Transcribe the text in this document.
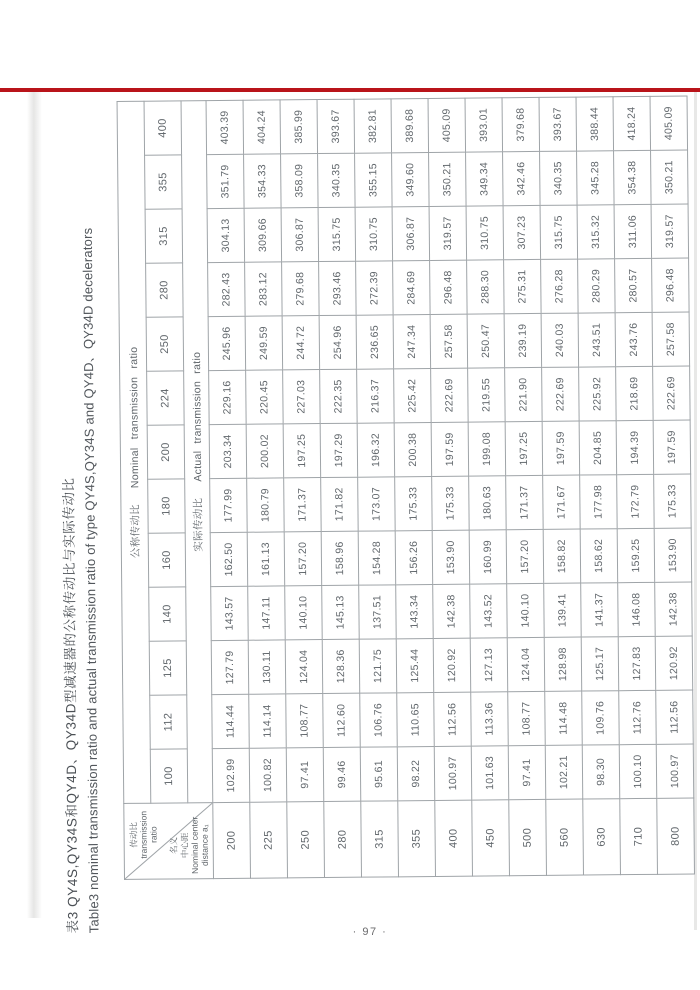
表3 QY4S,QY34S和QY4D、QY34D型减速器的公称传动比与实际传动比 Table3 nominal transmission ratio and actual transmission ratio of type QY4S,QY34S and QY4D、QY34D decelerators	传动比
transmission
ratio
名义
中心距
Nominal center
distance a₁
	公称传动比Nominal transmission ratio
	100	112	125	140	160	180	200	224	250	280	315	355	400
	实际传动比Actual transmission ratio												
200	102.99	114.44	127.79	143.57	162.50	177.99	203.34	229.16	245.96	282.43	304.13	351.79	403.39
225	100.82	114.14	130.11	147.11	161.13	180.79	200.02	220.45	249.59	283.12	309.66	354.33	404.24
250	97.41	108.77	124.04	140.10	157.20	171.37	197.25	227.03	244.72	279.68	306.87	358.09	385.99
280	99.46	112.60	128.36	145.13	158.96	171.82	197.29	222.35	254.96	293.46	315.75	340.35	393.67
315	95.61	106.76	121.75	137.51	154.28	173.07	196.32	216.37	236.65	272.39	310.75	355.15	382.81
355	98.22	110.65	125.44	143.34	156.26	175.33	200.38	225.42	247.34	284.69	306.87	349.60	389.68
400	100.97	112.56	120.92	142.38	153.90	175.33	197.59	222.69	257.58	296.48	319.57	350.21	405.09
450	101.63	113.36	127.13	143.52	160.99	180.63	199.08	219.55	250.47	288.30	310.75	349.34	393.01
500	97.41	108.77	124.04	140.10	157.20	171.37	197.25	221.90	239.19	275.31	307.23	342.46	379.68
560	102.21	114.48	128.98	139.41	158.82	171.67	197.59	222.69	240.03	276.28	315.75	340.35	393.67
630	98.30	109.76	125.17	141.37	158.62	177.98	204.85	225.92	243.51	280.29	315.32	345.28	388.44
710	100.10	112.76	127.83	146.08	159.25	172.79	194.39	218.69	243.76	280.57	311.06	354.38	418.24
800	100.97	112.56	120.92	142.38	153.90	175.33	197.59	222.69	257.58	296.48	319.57	350.21	405.09
· 97 ·
